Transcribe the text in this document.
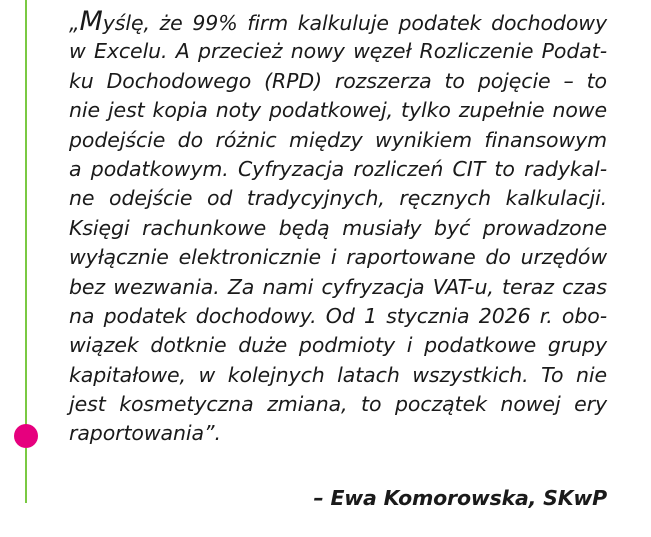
„Myślę, że 99% firm kalkuluje podatek dochodowy
w Excelu. A przecież nowy węzeł Rozliczenie Podat-
ku Dochodowego (RPD) rozszerza to pojęcie – to
nie jest kopia noty podatkowej, tylko zupełnie nowe
podejście do różnic między wynikiem finansowym
a podatkowym. Cyfryzacja rozliczeń CIT to radykal-
ne odejście od tradycyjnych, ręcznych kalkulacji.
Księgi rachunkowe będą musiały być prowadzone
wyłącznie elektronicznie i raportowane do urzędów
bez wezwania. Za nami cyfryzacja VAT-u, teraz czas
na podatek dochodowy. Od 1 stycznia 2026 r. obo-
wiązek dotknie duże podmioty i podatkowe grupy
kapitałowe, w kolejnych latach wszystkich. To nie
jest kosmetyczna zmiana, to początek nowej ery
raportowania”.
– Ewa Komorowska, SKwP
